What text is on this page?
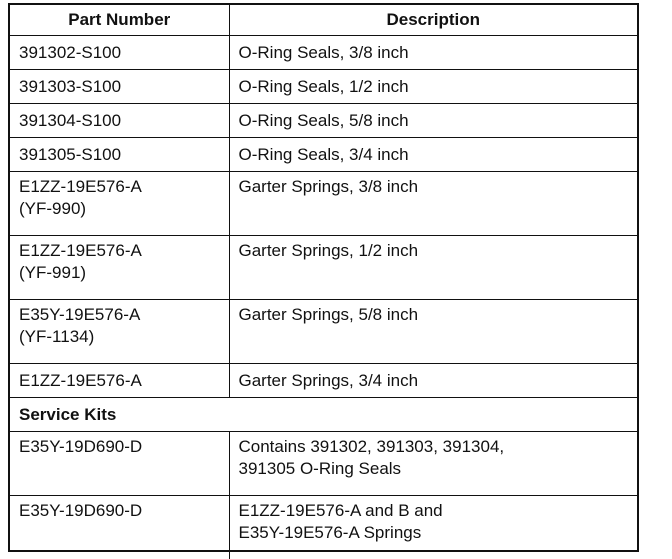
Part Number	Description
391302-S100	O-Ring Seals, 3/8 inch
391303-S100	O-Ring Seals, 1/2 inch
391304-S100	O-Ring Seals, 5/8 inch
391305-S100	O-Ring Seals, 3/4 inch

E1ZZ-19E576-A
(YF-990)	Garter Springs, 3/8 inch

E1ZZ-19E576-A
(YF-991)	Garter Springs, 1/2 inch

E35Y-19E576-A
(YF-1134)	Garter Springs, 5/8 inch
E1ZZ-19E576-A	Garter Springs, 3/4 inch
Service Kits	
E35Y-19D690-D	Contains 391302, 391303, 391304,
391305 O-Ring Seals

E35Y-19D690-D	E1ZZ-19E576-A and B and
E35Y-19E576-A Springs
